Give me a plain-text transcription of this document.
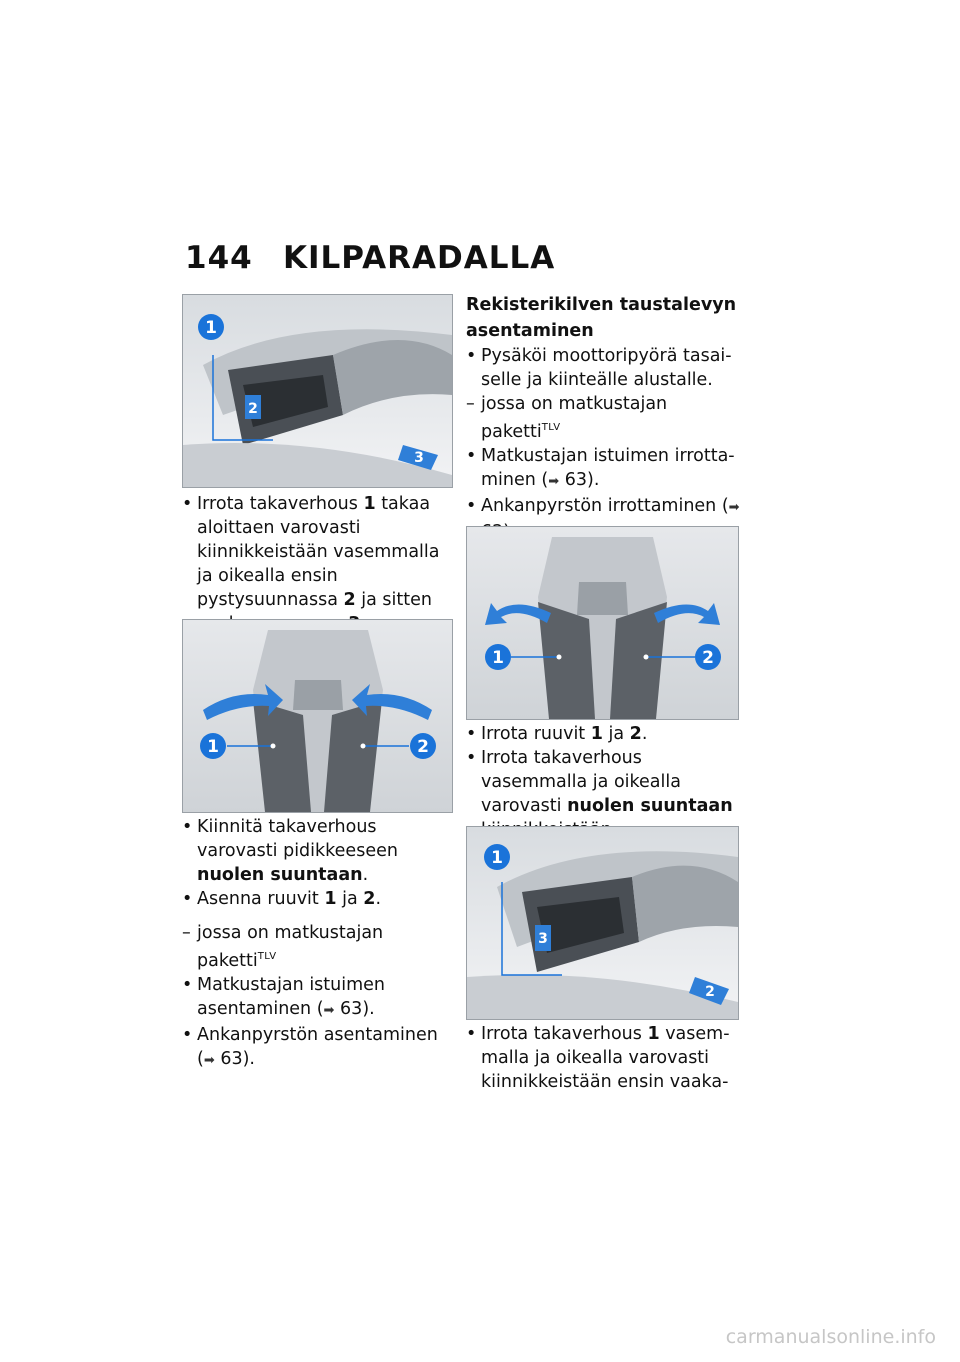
144 KILPARADALLA
1
2
3
• Irrota takaverhous 1 takaa aloittaen varovasti kiinnikkeistään vasemmalla ja oikealla ensin pystysuunnassa 2 ja sitten
1	2
• Kiinnitä takaverhous varovasti pidikkeeseen nuolen suuntaan.
• Asenna ruuvit 1 ja 2.
– jossa on matkustajan paketti$^{TLV}$
• Matkustajan istuimen asentaminen (➡ 63).
• Ankanpyrstön asentaminen (➡ 63).
Rekisterikilven taustalevyn asentaminen
• Pysäköi moottoripyörä tasaiselle ja kiinteälle alustalle.
– jossa on matkustajan paketti$^{TLV}$
• Matkustajan istuimen irrottaminen (➡ 63).
• Ankanpyrstön irrottaminen (➡
1	2
• Irrota ruuvit 1 ja 2.
• Irrota takaverhous vasemmalla ja oikealla varovasti nuolen suuntaan
1
3
2
• Irrota takaverhous 1 vasemmalla ja oikealla varovasti kiinnikkeistään ensin vaaka-
carmanualsonline.info
